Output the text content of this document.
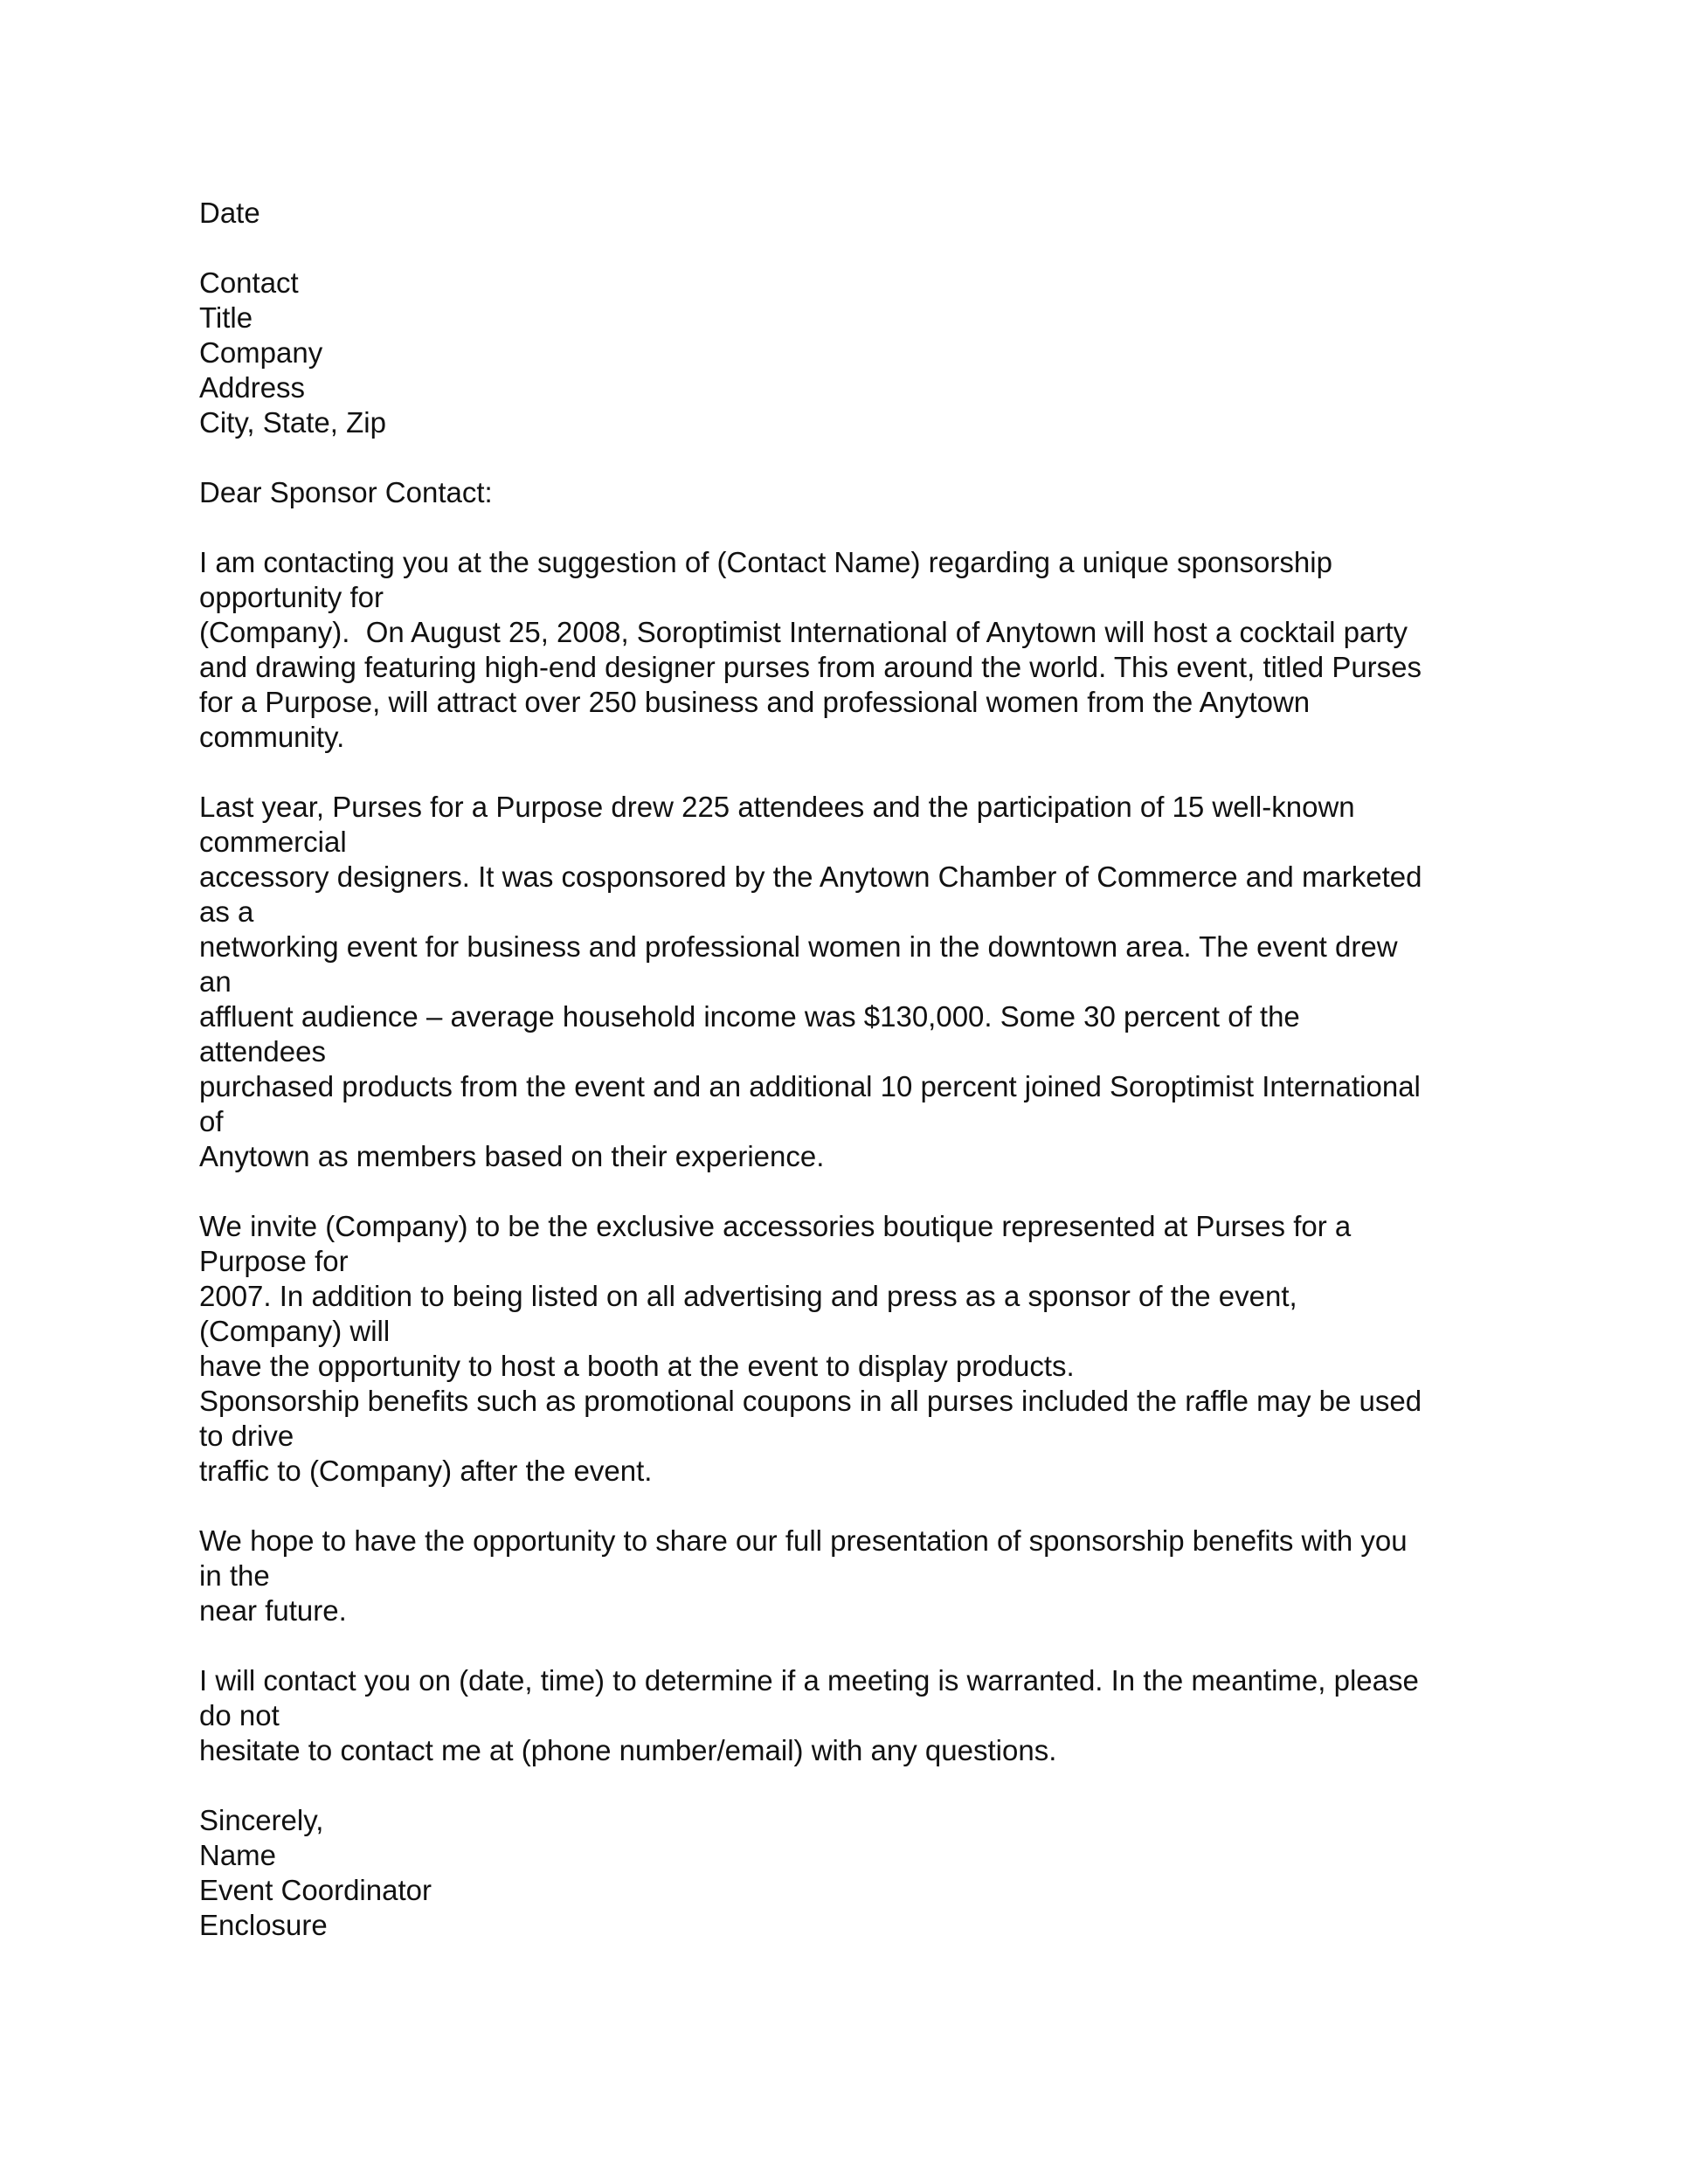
Date
Contact
Title
Company
Address
City, State, Zip
Dear Sponsor Contact:
I am contacting you at the suggestion of (Contact Name) regarding a unique sponsorship
opportunity for
(Company).  On August 25, 2008, Soroptimist International of Anytown will host a cocktail party
and drawing featuring high-end designer purses from around the world. This event, titled Purses
for a Purpose, will attract over 250 business and professional women from the Anytown
community.
Last year, Purses for a Purpose drew 225 attendees and the participation of 15 well-known
commercial
accessory designers. It was cosponsored by the Anytown Chamber of Commerce and marketed
as a
networking event for business and professional women in the downtown area. The event drew
an
affluent audience – average household income was $130,000. Some 30 percent of the
attendees
purchased products from the event and an additional 10 percent joined Soroptimist International
of
Anytown as members based on their experience.
We invite (Company) to be the exclusive accessories boutique represented at Purses for a
Purpose for
2007. In addition to being listed on all advertising and press as a sponsor of the event,
(Company) will
have the opportunity to host a booth at the event to display products.
Sponsorship benefits such as promotional coupons in all purses included the raffle may be used
to drive
traffic to (Company) after the event.
We hope to have the opportunity to share our full presentation of sponsorship benefits with you
in the
near future.
I will contact you on (date, time) to determine if a meeting is warranted. In the meantime, please
do not
hesitate to contact me at (phone number/email) with any questions.
Sincerely,
Name
Event Coordinator
Enclosure
